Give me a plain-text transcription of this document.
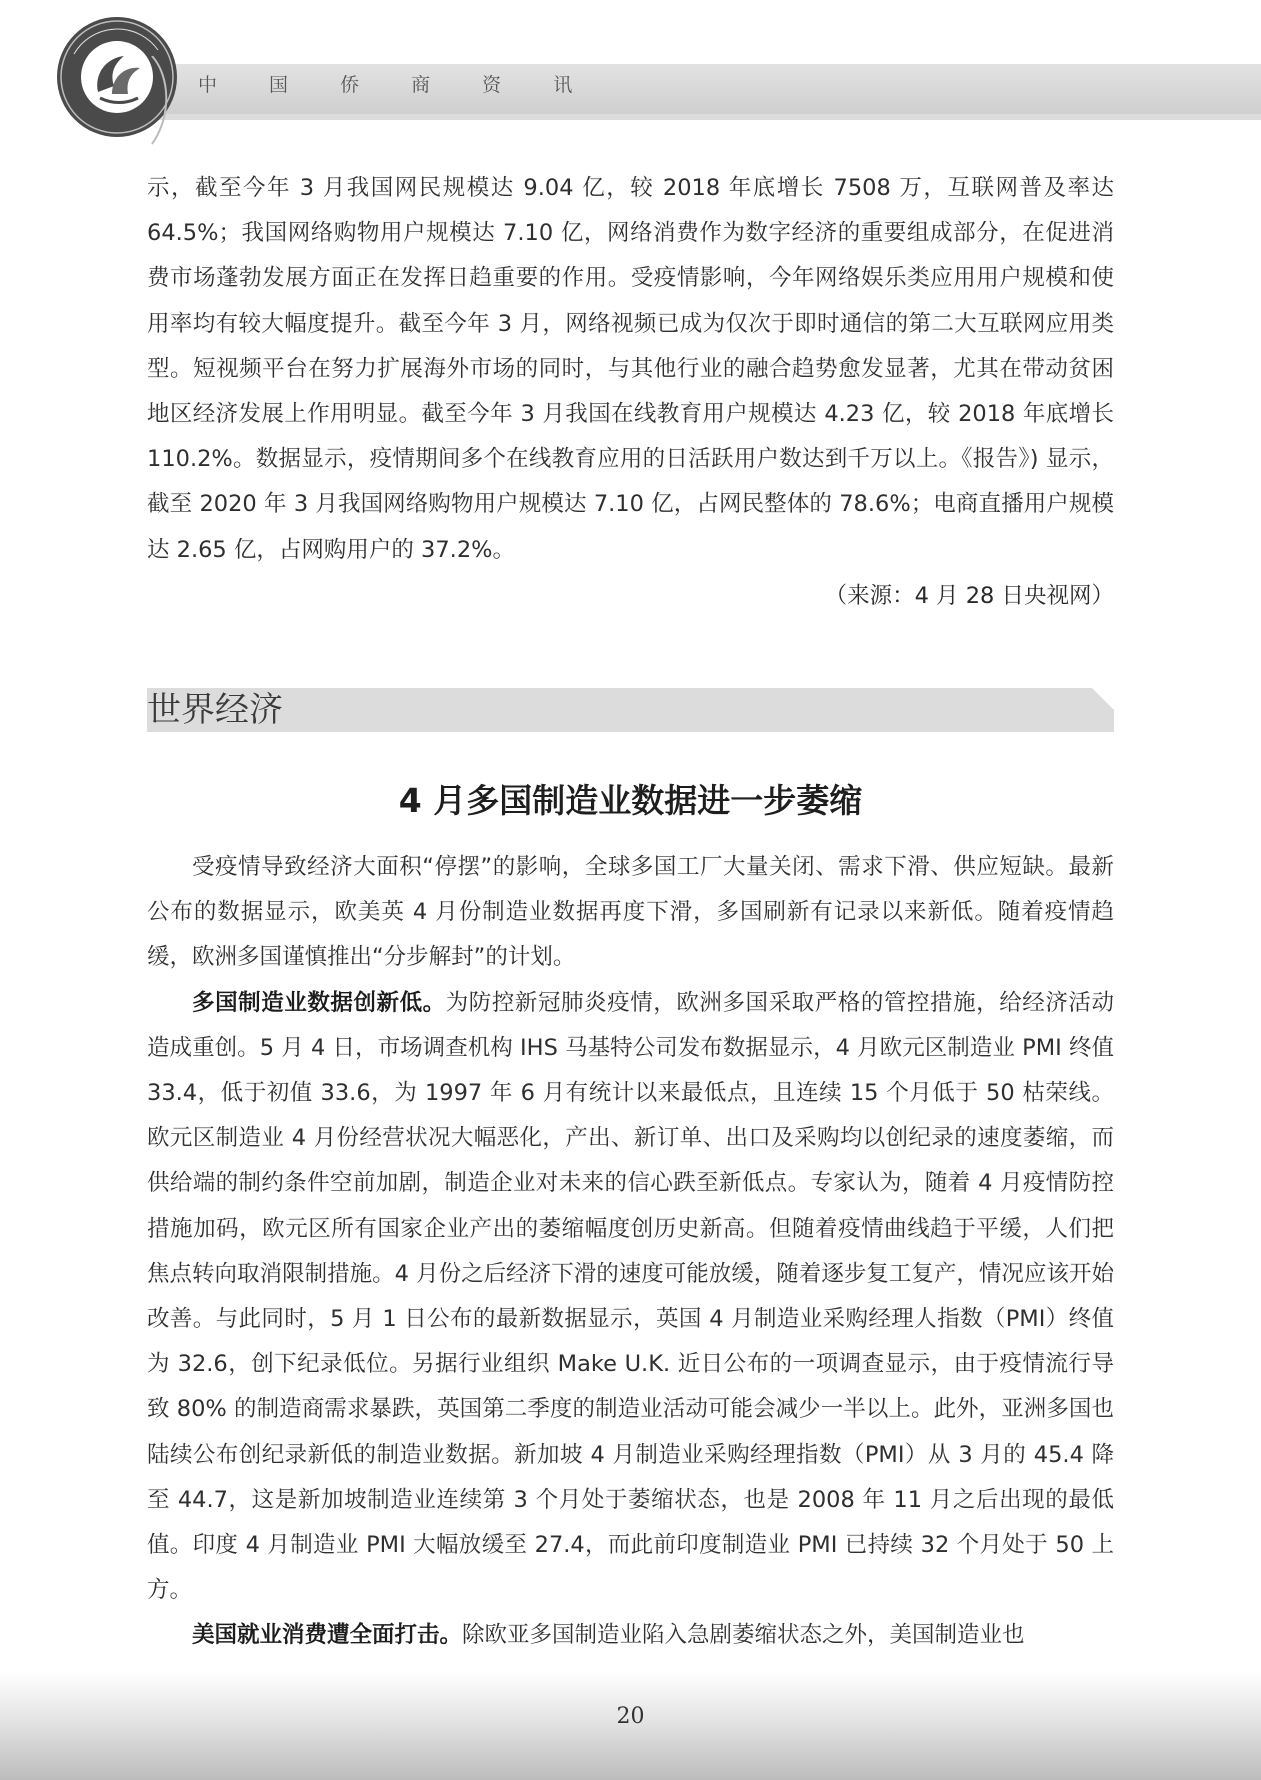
中 国 侨 商 资 讯

示，截至今年 3 月我国网民规模达 9.04 亿，较 2018 年底增长 7508 万，互联网普及率达 64.5%；我国网络购物用户规模达 7.10 亿，网络消费作为数字经济的重要组成部分，在促进消费市场蓬勃发展方面正在发挥日趋重要的作用。受疫情影响，今年网络娱乐类应用用户规模和使用率均有较大幅度提升。截至今年 3 月，网络视频已成为仅次于即时通信的第二大互联网应用类型。短视频平台在努力扩展海外市场的同时，与其他行业的融合趋势愈发显著，尤其在带动贫困地区经济发展上作用明显。截至今年 3 月我国在线教育用户规模达 4.23 亿，较 2018 年底增长 110.2%。数据显示，疫情期间多个在线教育应用的日活跃用户数达到千万以上。《报告》) 显示，截至 2020 年 3 月我国网络购物用户规模达 7.10 亿，占网民整体的 78.6%；电商直播用户规模达 2.65 亿，占网购用户的 37.2%。

（来源：4 月 28 日央视网）
世界经济
4 月多国制造业数据进一步萎缩

受疫情导致经济大面积“停摆”的影响，全球多国工厂大量关闭、需求下滑、供应短缺。最新公布的数据显示，欧美英 4 月份制造业数据再度下滑，多国刷新有记录以来新低。随着疫情趋缓，欧洲多国谨慎推出“分步解封”的计划。

多国制造业数据创新低。为防控新冠肺炎疫情，欧洲多国采取严格的管控措施，给经济活动造成重创。5 月 4 日，市场调查机构 IHS 马基特公司发布数据显示，4 月欧元区制造业 PMI 终值 33.4，低于初值 33.6，为 1997 年 6 月有统计以来最低点，且连续 15 个月低于 50 枯荣线。欧元区制造业 4 月份经营状况大幅恶化，产出、新订单、出口及采购均以创纪录的速度萎缩，而供给端的制约条件空前加剧，制造企业对未来的信心跌至新低点。专家认为，随着 4 月疫情防控措施加码，欧元区所有国家企业产出的萎缩幅度创历史新高。但随着疫情曲线趋于平缓，人们把焦点转向取消限制措施。4 月份之后经济下滑的速度可能放缓，随着逐步复工复产，情况应该开始改善。与此同时，5 月 1 日公布的最新数据显示，英国 4 月制造业采购经理人指数（PMI）终值为 32.6，创下纪录低位。另据行业组织 Make U.K. 近日公布的一项调查显示，由于疫情流行导致 80% 的制造商需求暴跌，英国第二季度的制造业活动可能会减少一半以上。此外，亚洲多国也陆续公布创纪录新低的制造业数据。新加坡 4 月制造业采购经理指数（PMI）从 3 月的 45.4 降至 44.7，这是新加坡制造业连续第 3 个月处于萎缩状态，也是 2008 年 11 月之后出现的最低值。印度 4 月制造业 PMI 大幅放缓至 27.4，而此前印度制造业 PMI 已持续 32 个月处于 50 上方。

美国就业消费遭全面打击。除欧亚多国制造业陷入急剧萎缩状态之外，美国制造业也

20
